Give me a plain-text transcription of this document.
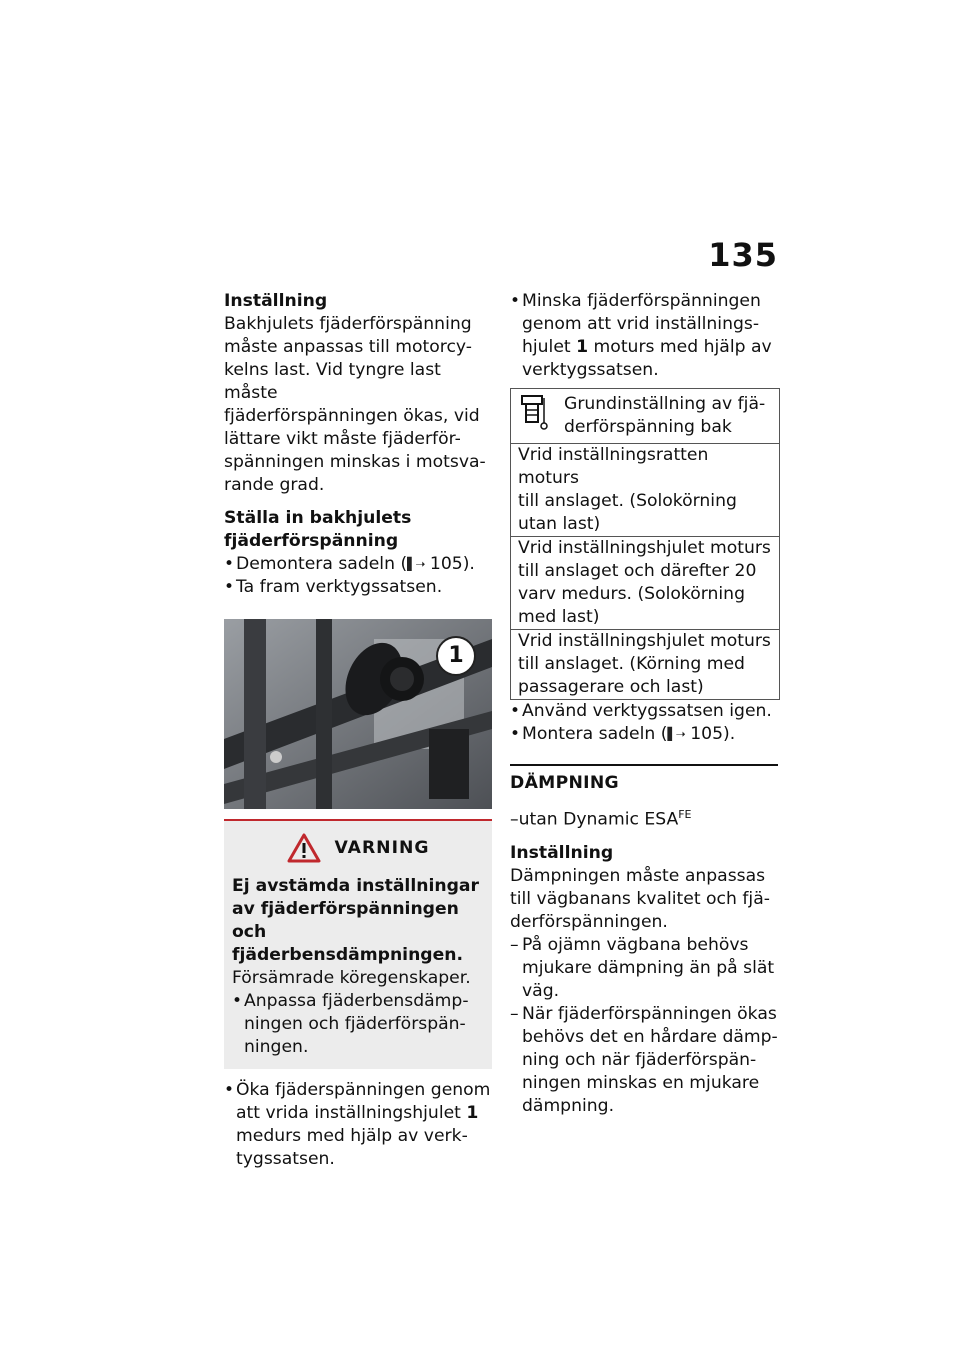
135

Inställning

Bakhjulets fjäderförspänning
måste anpassas till motorcy-
kelns last. Vid tyngre last måste
fjäderförspänningen ökas, vid
lättare vikt måste fjäderför-
spänningen minskas i motsva-
rande grad.
Ställa in bakhjulets
fjäderförspänning
• Demontera sadeln (▌➝ 105).
• Ta fram verktygssatsen.
VARNING
Ej avstämda inställningar
av fjäderförspänningen och
fjäderbensdämpningen.
Försämrade köregenskaper.
• Anpassa fjäderbensdämp-
ningen och fjäderförspän-
ningen.
• Öka fjäderspänningen genom
att vrida inställningshjulet 1
medurs med hjälp av verk-
tygssatsen.
1
• Minska fjäderförspänningen
genom att vrid inställnings-
hjulet 1 moturs med hjälp av
verktygssatsen.
Grundinställning av fjä-
derförspänning bak
Vrid inställningsratten moturs
till anslaget. (Solokörning
utan last)
Vrid inställningshjulet moturs
till anslaget och därefter 20
varv medurs. (Solokörning
med last)
Vrid inställningshjulet moturs
till anslaget. (Körning med
passagerare och last)
• Använd verktygssatsen igen.
• Montera sadeln (▌➝ 105).
DÄMPNING
–utan Dynamic $ESA^{FE}$

Inställning

Dämpningen måste anpassas
till vägbanans kvalitet och fjä-
derförspänningen.
– På ojämn vägbana behövs
mjukare dämpning än på slät
väg.
– När fjäderförspänningen ökas
behövs det en hårdare dämp-
ning och när fjäderförspän-
ningen minskas en mjukare
dämpning.
